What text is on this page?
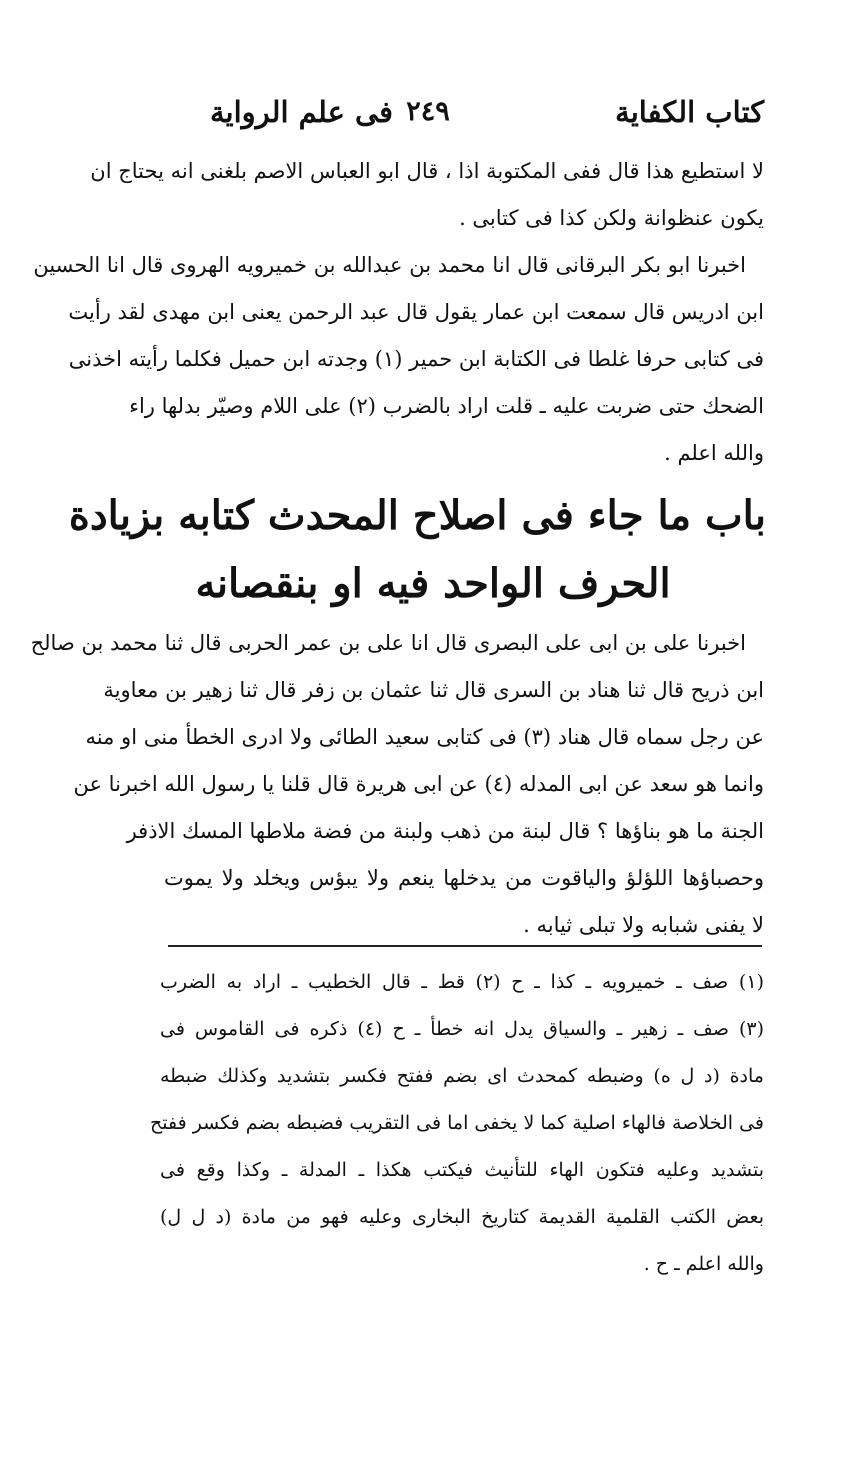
كتاب الكفاية
٢٤٩
فى علم الرواية
لا استطيع هذا قال ففى المكتوبة اذا ، قال ابو العباس الاصم بلغنى انه يحتاج ان
يكون عنظوانة ولكن كذا فى كتابى .
اخبرنا ابو بكر البرقانى قال انا محمد بن عبدالله بن خميرويه الهروى قال انا الحسين
ابن ادريس قال سمعت ابن عمار يقول قال عبد الرحمن يعنى ابن مهدى لقد رأيت
فى كتابى حرفا غلطا فى الكتابة ابن حمير (١) وجدته ابن حميل فكلما رأيته اخذنى
الضحك حتى ضربت عليه ـ قلت اراد بالضرب (٢) على اللام وصيّر بدلها راء
والله اعلم .
باب ما جاء فى اصلاح المحدث كتابه بزيادة
الحرف الواحد فيه او بنقصانه
اخبرنا على بن ابى على البصرى قال انا على بن عمر الحربى قال ثنا محمد بن صالح
ابن ذريح قال ثنا هناد بن السرى قال ثنا عثمان بن زفر قال ثنا زهير بن معاوية
عن رجل سماه قال هناد (٣) فى كتابى سعيد الطائى ولا ادرى الخطأ منى او منه
وانما هو سعد عن ابى المدله (٤) عن ابى هريرة قال قلنا يا رسول الله اخبرنا عن
الجنة ما هو بناؤها ؟ قال لبنة من ذهب ولبنة من فضة ملاطها المسك الاذفر
وحصباؤها اللؤلؤ والياقوت من يدخلها ينعم ولا يبؤس ويخلد ولا يموت
لا يفنى شبابه ولا تبلى ثيابه .
(١) صف ـ خميرويه ـ كذا ـ ح (٢) قط ـ قال الخطيب ـ اراد به الضرب
(٣) صف ـ زهير ـ والسياق يدل انه خطأ ـ ح (٤) ذكره فى القاموس فى
مادة (د ل ه) وضبطه كمحدث اى بضم ففتح فكسر بتشديد وكذلك ضبطه
فى الخلاصة فالهاء اصلية كما لا يخفى اما فى التقريب فضبطه بضم فكسر ففتح
بتشديد وعليه فتكون الهاء للتأنيث فيكتب هكذا ـ المدلة ـ وكذا وقع فى
بعض الكتب القلمية القديمة كتاريخ البخارى وعليه فهو من مادة (د ل ل)
والله اعلم ـ ح .
